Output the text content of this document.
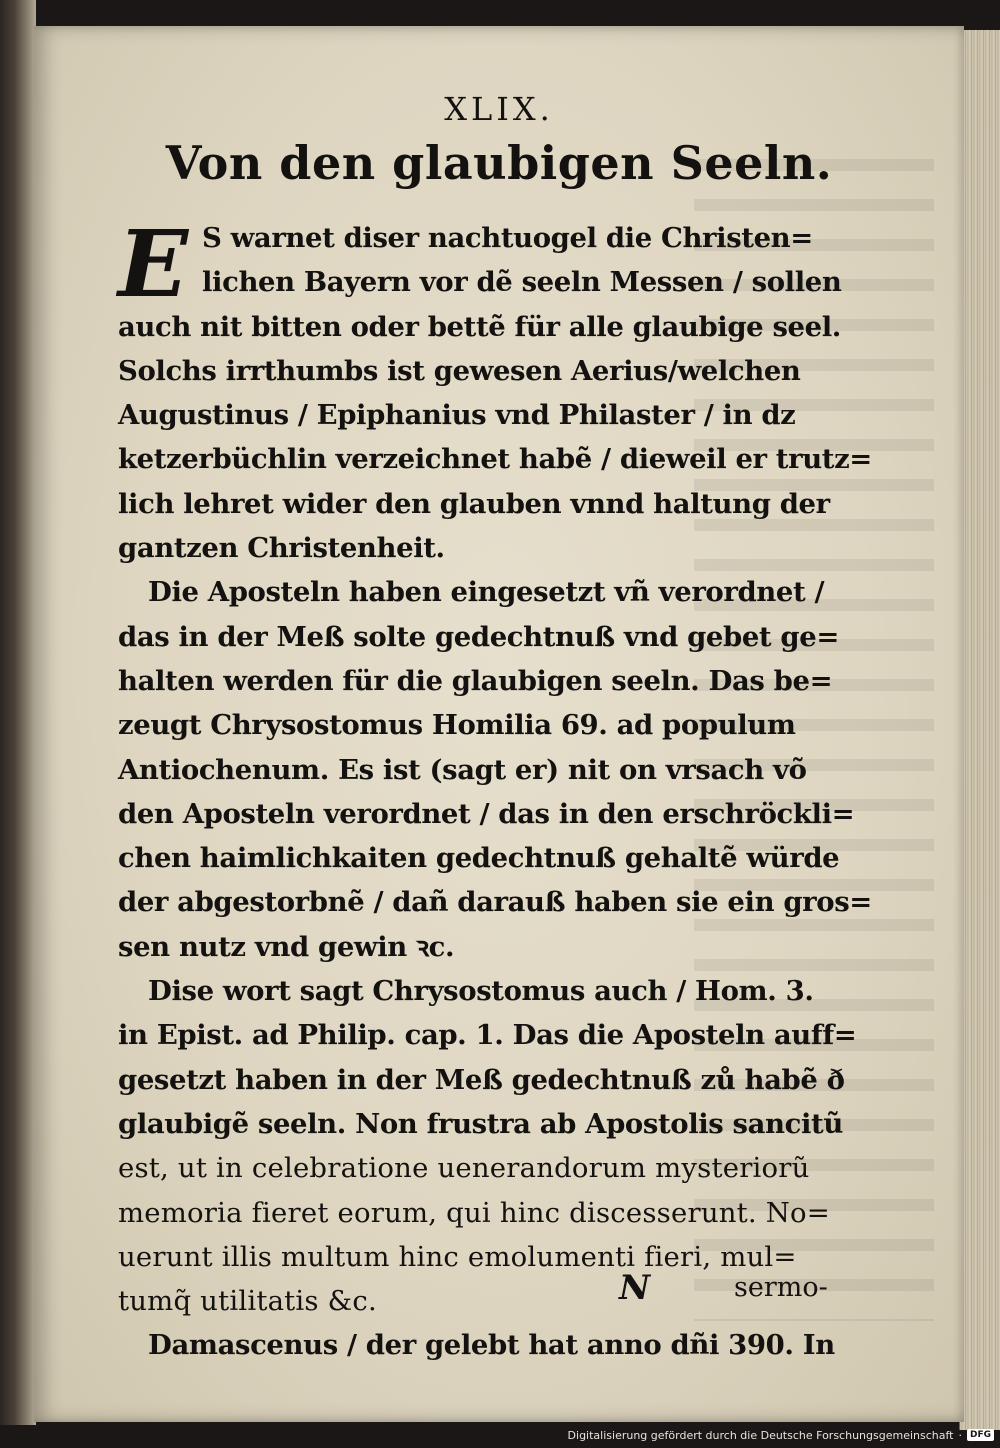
XLIX.
Von den glaubigen Seeln.
S warnet diser nachtuogel die Christen=
lichen Bayern vor dẽ seeln Messen / sollen
auch nit bitten oder bettẽ für alle glaubige seel.
Solchs irrthumbs ist gewesen Aerius/welchen
Augustinus / Epiphanius vnd Philaster / in dz
ketzerbüchlin verzeichnet habẽ / dieweil er trutz=
lich lehret wider den glauben vnnd haltung der
gantzen Christenheit.
Die Aposteln haben eingesetzt vñ verordnet /
das in der Meß solte gedechtnuß vnd gebet ge=
halten werden für die glaubigen seeln. Das be=
zeugt Chrysostomus Homilia 69. ad populum
Antiochenum. Es ist (sagt er) nit on vrsach võ
den Aposteln verordnet / das in den erschröckli=
chen haimlichkaiten gedechtnuß gehaltẽ würde
der abgestorbnẽ / dañ darauß haben sie ein gros=
sen nutz vnd gewin ꝛc.
Dise wort sagt Chrysostomus auch / Hom. 3.
in Epist. ad Philip. cap. 1. Das die Aposteln auff=
gesetzt haben in der Meß gedechtnuß zů habẽ ð
glaubigẽ seeln. Non frustra ab Apostolis sancitũ
est, ut in celebratione uenerandorum mysteriorũ
memoria fieret eorum, qui hinc discesserunt. No=
uerunt illis multum hinc emolumenti fieri, mul=
tumq̃ utilitatis &c.
Damascenus / der gelebt hat anno dñi 390. In
E
N	sermo-
Digitalisierung gefördert durch die Deutsche Forschungsgemeinschaft · DFG
